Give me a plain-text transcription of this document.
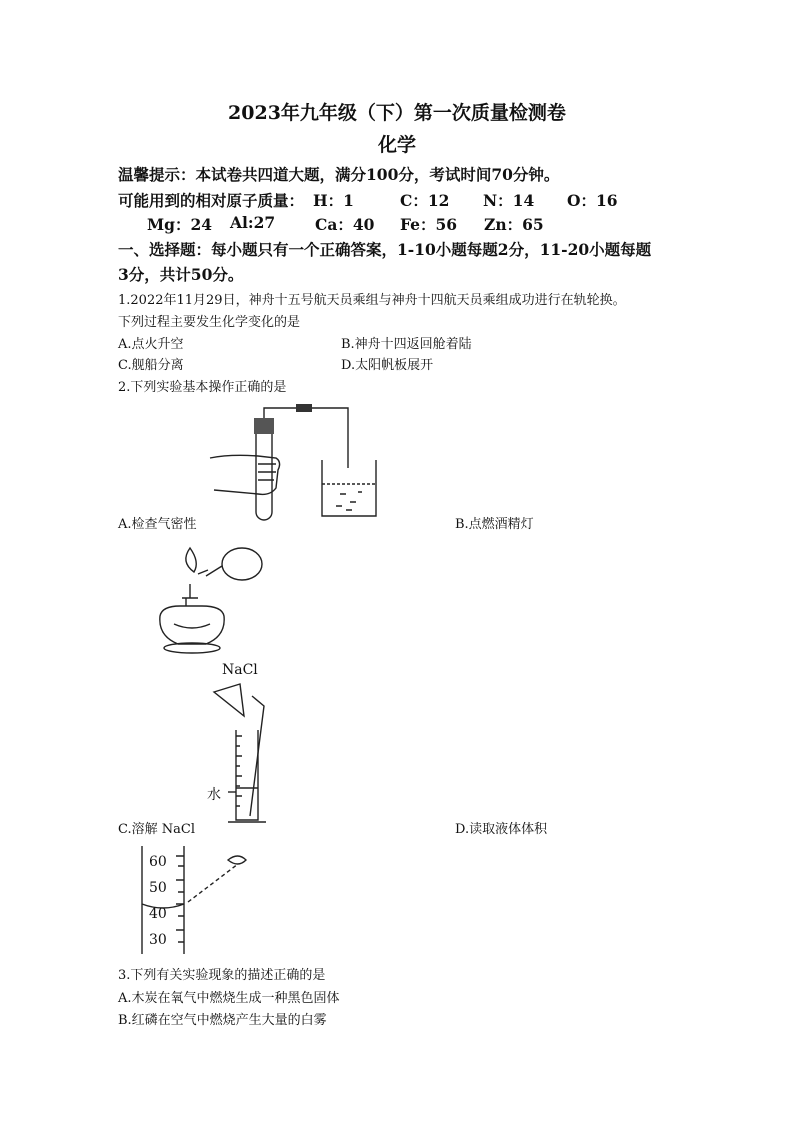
2023年九年级（下）第一次质量检测卷
化学
温馨提示：本试卷共四道大题，满分100分，考试时间70分钟。
可能用到的相对原子质量： H：1	C：12 N：14 O：16
Mg：24 Al:27	Ca：40 Fe：56 Zn：65
一、选择题：每小题只有一个正确答案，1-10小题每题2分，11-20小题每题
3分，共计50分。
1.2022年11月29日，神舟十五号航天员乘组与神舟十四航天员乘组成功进行在轨轮换。
下列过程主要发生化学变化的是
A.点火升空	B.神舟十四返回舱着陆
C.舰船分离	D.太阳帆板展开
2.下列实验基本操作正确的是
A.检查气密性	B.点燃酒精灯
NaCl
水
C.溶解 NaCl	D.读取液体体积
60
50
40
30
3.下列有关实验现象的描述正确的是
A.木炭在氧气中燃烧生成一种黑色固体
B.红磷在空气中燃烧产生大量的白雾
